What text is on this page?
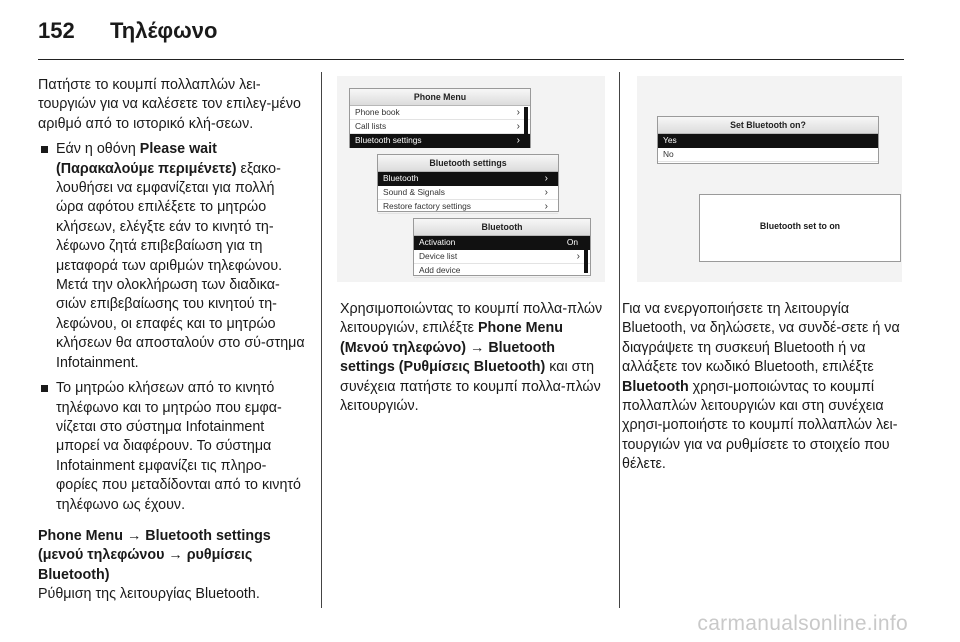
152 Τηλέφωνο

Πατήστε το κουμπί πολλαπλών λει-τουργιών για να καλέσετε τον επιλεγ-μένο αριθμό από το ιστορικό κλή-σεων.

Εάν η οθόνη Please wait (Παρακαλούμε περιμένετε) εξακο-λουθήσει να εμφανίζεται για πολλή ώρα αφότου επιλέξετε το μητρώο κλήσεων, ελέγξτε εάν το κινητό τη-λέφωνο ζητά επιβεβαίωση για τη μεταφορά των αριθμών τηλεφώνου. Μετά την ολοκλήρωση των διαδικα-σιών επιβεβαίωσης του κινητού τη-λεφώνου, οι επαφές και το μητρώο κλήσεων θα αποσταλούν στο σύ-στημα Infotainment.

Το μητρώο κλήσεων από το κινητό τηλέφωνο και το μητρώο που εμφα-νίζεται στο σύστημα Infotainment μπορεί να διαφέρουν. Το σύστημα Infotainment εμφανίζει τις πληρο-φορίες που μεταδίδονται από το κινητό τηλέφωνο ως έχουν.

Phone Menu → Bluetooth settings (μενού τηλεφώνου → ρυθμίσεις Bluetooth)

Ρύθμιση της λειτουργίας Bluetooth.

Phone Menu
Phone book	›
Call lists	›
Bluetooth settings	›
Bluetooth settings
Bluetooth	›
Sound & Signals	›
Restore factory settings	›
Bluetooth
Activation	On
Device list	›
Add device
Set Bluetooth on?
Yes
No
Bluetooth set to on

Χρησιμοποιώντας το κουμπί πολλα-πλών λειτουργιών, επιλέξτε Phone Menu (Μενού τηλεφώνο) → Bluetooth settings (Ρυθμίσεις Bluetooth) και στη συνέχεια πατήστε το κουμπί πολλα-πλών λειτουργιών.

Για να ενεργοποιήσετε τη λειτουργία Bluetooth, να δηλώσετε, να συνδέ-σετε ή να διαγράψετε τη συσκευή Bluetooth ή να αλλάξετε τον κωδικό Bluetooth, επιλέξτε Bluetooth χρησι-μοποιώντας το κουμπί πολλαπλών λειτουργιών και στη συνέχεια χρησι-μοποιήστε το κουμπί πολλαπλών λει-τουργιών για να ρυθμίσετε το στοιχείο που θέλετε.

carmanualsonline.info
